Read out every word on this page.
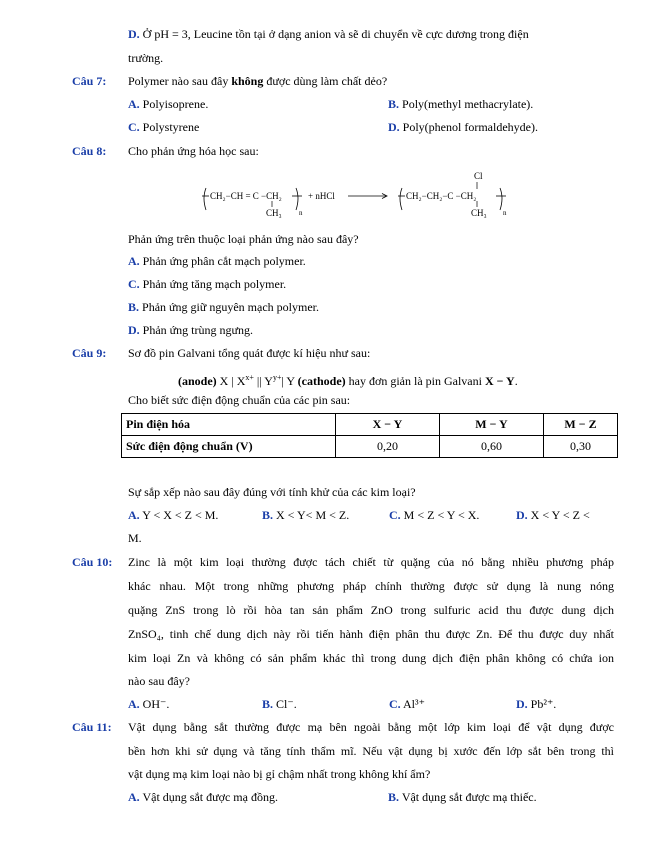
D. Ở pH = 3, Leucine tồn tại ở dạng anion và sẽ di chuyển về cực dương trong điện
trường.
Câu 7: Polymer nào sau đây không được dùng làm chất dẻo?
A. Polyisoprene.	B. Poly(methyl methacrylate).
C. Polystyrene	D. Poly(phenol formaldehyde).
Câu 8: Cho phản ứng hóa học sau:
CH₂−CH = C −CH₂
CH₃ n
+ nHCl	CH₂−CH₂−C −CH₂
Cl
CH₃ n
Phản ứng trên thuộc loại phản ứng nào sau đây?
A. Phản ứng phân cắt mạch polymer.
C. Phản ứng tăng mạch polymer.
B. Phản ứng giữ nguyên mạch polymer.
D. Phản ứng trùng ngưng.
Câu 9: Sơ đồ pin Galvani tổng quát được kí hiệu như sau:
(anode) X | $X^{x+}$ || $Y^{y+}|$ Y (cathode) hay đơn giản là pin Galvani X − Y.
Cho biết sức điện động chuẩn của các pin sau:
Pin điện hóa	X − Y	M − Y	M − Z
Sức điện động chuẩn (V)	0,20	0,60	0,30
Sự sắp xếp nào sau đây đúng với tính khử của các kim loại?
A. Y < X < Z < M.	B. X < Y< M < Z.	C. M < Z < Y < X.	D. X < Y < Z <
M.
Câu 10: Zinc là một kim loại thường được tách chiết từ quặng của nó bằng nhiều phương pháp
khác nhau. Một trong những phương pháp chính thường được sử dụng là nung nóng
quặng ZnS trong lò rồi hòa tan sản phẩm ZnO trong sulfuric acid thu được dung dịch
ZnSO₄, tinh chế dung dịch này rồi tiến hành điện phân thu được Zn. Để thu được duy nhất
kim loại Zn và không có sản phẩm khác thì trong dung dịch điện phân không có chứa ion
nào sau đây?
A. OH⁻.	B. Cl⁻.	C. Al³⁺	D. Pb²⁺.
Câu 11: Vật dụng bằng sắt thường được mạ bên ngoài bằng một lớp kim loại để vật dụng được
bền hơn khi sử dụng và tăng tính thẩm mĩ. Nếu vật dụng bị xước đến lớp sắt bên trong thì
vật dụng mạ kim loại nào bị gỉ chậm nhất trong không khí ẩm?
A. Vật dụng sắt được mạ đồng.	B. Vật dụng sắt được mạ thiếc.
